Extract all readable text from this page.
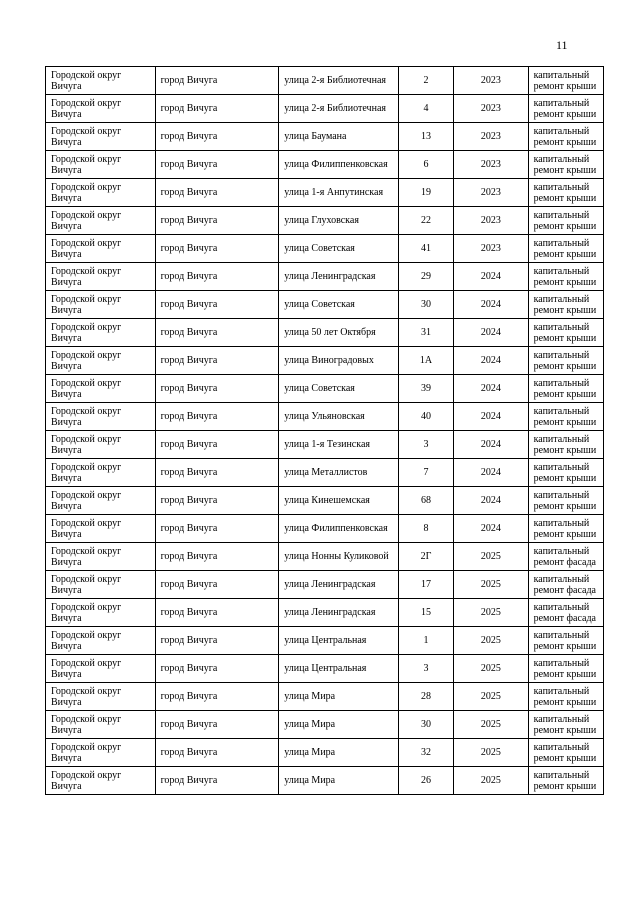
11
Городской округ Вичуга	город Вичуга	улица 2-я Библиотечная	2	2023	капитальный ремонт крыши
Городской округ Вичуга	город Вичуга	улица 2-я Библиотечная	4	2023	капитальный ремонт крыши
Городской округ Вичуга	город Вичуга	улица Баумана	13	2023	капитальный ремонт крыши
Городской округ Вичуга	город Вичуга	улица Филиппенковская	6	2023	капитальный ремонт крыши
Городской округ Вичуга	город Вичуга	улица 1-я Анпутинская	19	2023	капитальный ремонт крыши
Городской округ Вичуга	город Вичуга	улица Глуховская	22	2023	капитальный ремонт крыши
Городской округ Вичуга	город Вичуга	улица Советская	41	2023	капитальный ремонт крыши
Городской округ Вичуга	город Вичуга	улица Ленинградская	29	2024	капитальный ремонт крыши
Городской округ Вичуга	город Вичуга	улица Советская	30	2024	капитальный ремонт крыши
Городской округ Вичуга	город Вичуга	улица 50 лет Октября	31	2024	капитальный ремонт крыши
Городской округ Вичуга	город Вичуга	улица Виноградовых	1А	2024	капитальный ремонт крыши
Городской округ Вичуга	город Вичуга	улица Советская	39	2024	капитальный ремонт крыши
Городской округ Вичуга	город Вичуга	улица Ульяновская	40	2024	капитальный ремонт крыши
Городской округ Вичуга	город Вичуга	улица 1-я Тезинская	3	2024	капитальный ремонт крыши
Городской округ Вичуга	город Вичуга	улица Металлистов	7	2024	капитальный ремонт крыши
Городской округ Вичуга	город Вичуга	улица Кинешемская	68	2024	капитальный ремонт крыши
Городской округ Вичуга	город Вичуга	улица Филиппенковская	8	2024	капитальный ремонт крыши
Городской округ Вичуга	город Вичуга	улица Нонны Куликовой	2Г	2025	капитальный ремонт фасада
Городской округ Вичуга	город Вичуга	улица Ленинградская	17	2025	капитальный ремонт фасада
Городской округ Вичуга	город Вичуга	улица Ленинградская	15	2025	капитальный ремонт фасада
Городской округ Вичуга	город Вичуга	улица Центральная	1	2025	капитальный ремонт крыши
Городской округ Вичуга	город Вичуга	улица Центральная	3	2025	капитальный ремонт крыши
Городской округ Вичуга	город Вичуга	улица Мира	28	2025	капитальный ремонт крыши
Городской округ Вичуга	город Вичуга	улица Мира	30	2025	капитальный ремонт крыши
Городской округ Вичуга	город Вичуга	улица Мира	32	2025	капитальный ремонт крыши
Городской округ Вичуга	город Вичуга	улица Мира	26	2025	капитальный ремонт крыши
